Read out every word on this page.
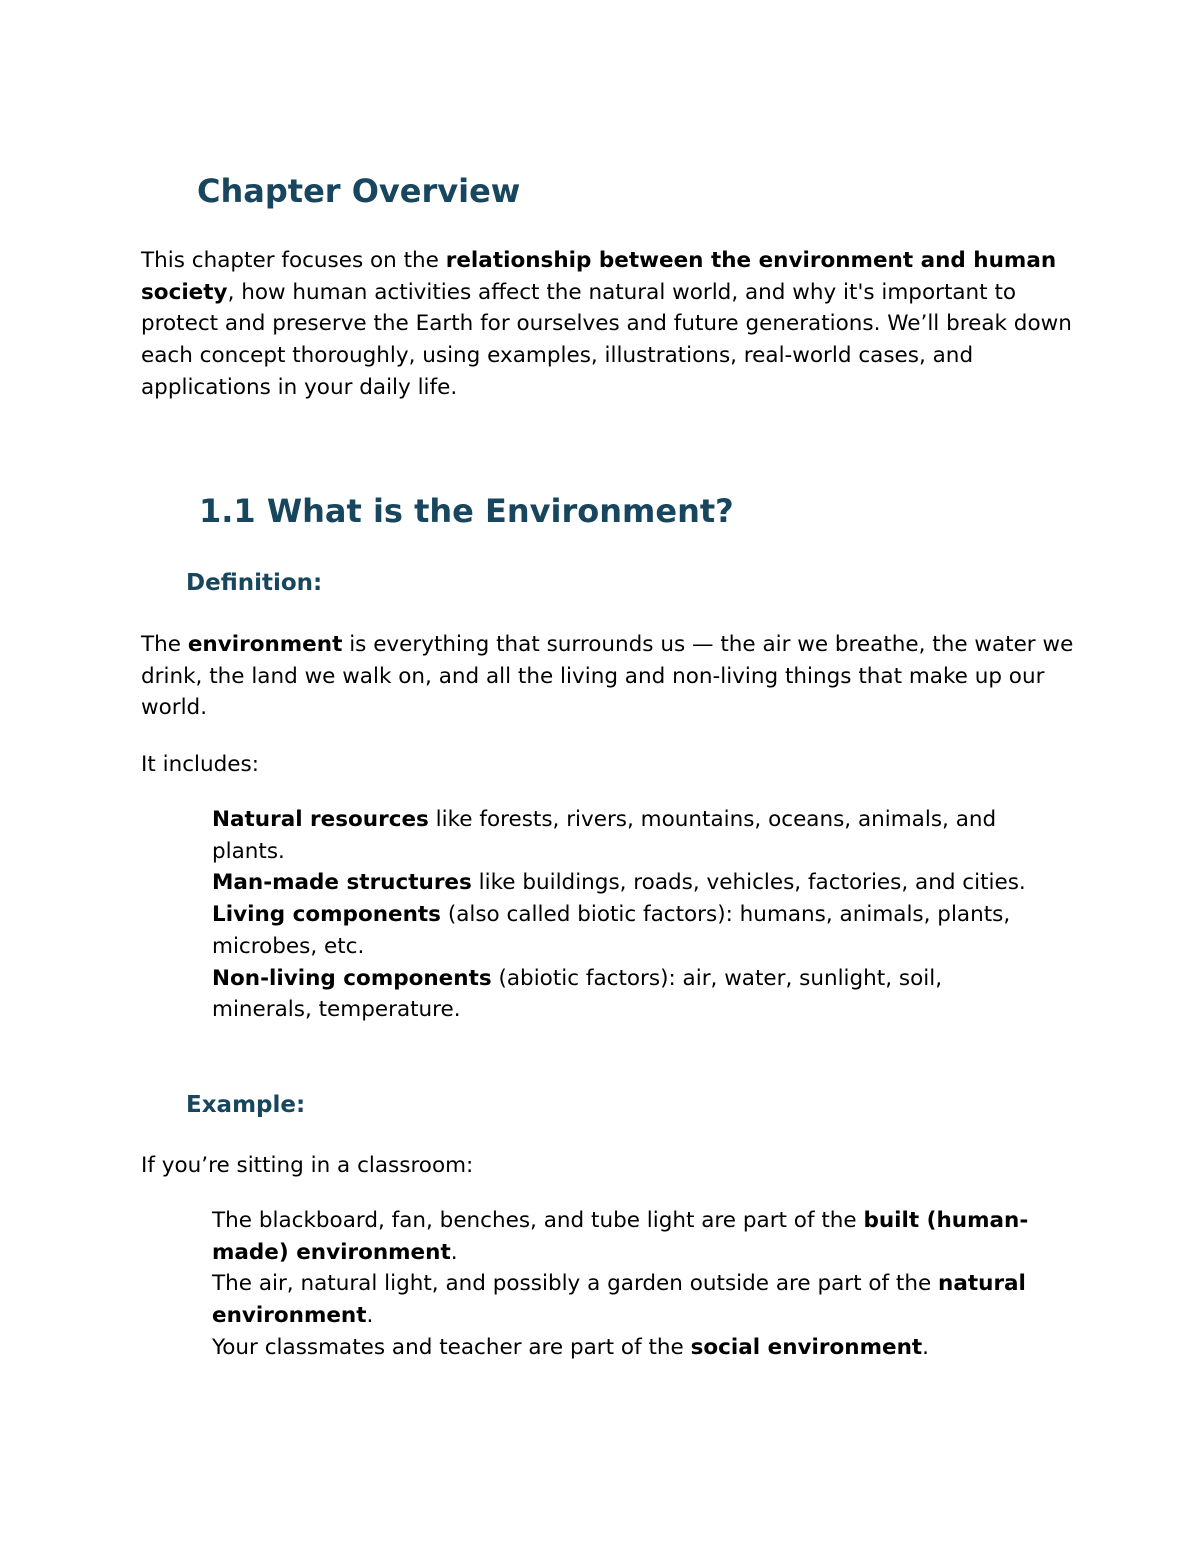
Chapter Overview

This chapter focuses on the relationship between the environment and human society, how human activities affect the natural world, and why it's important to protect and preserve the Earth for ourselves and future generations. We’ll break down each concept thoroughly, using examples, illustrations, real-world cases, and applications in your daily life.

1.1 What is the Environment?
Definition:

The environment is everything that surrounds us — the air we breathe, the water we drink, the land we walk on, and all the living and non-living things that make up our world.

It includes:

Natural resources like forests, rivers, mountains, oceans, animals, and plants.
Man-made structures like buildings, roads, vehicles, factories, and cities.
Living components (also called biotic factors): humans, animals, plants, microbes, etc.
Non-living components (abiotic factors): air, water, sunlight, soil, minerals, temperature.
Example:

If you’re sitting in a classroom:

The blackboard, fan, benches, and tube light are part of the built (human-made) environment.
The air, natural light, and possibly a garden outside are part of the natural environment.
Your classmates and teacher are part of the social environment.
